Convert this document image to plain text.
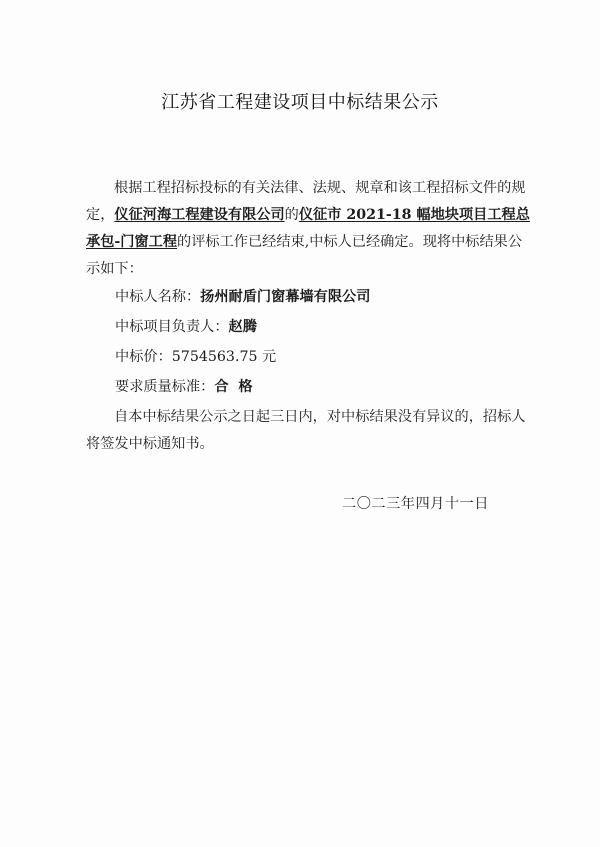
江苏省工程建设项目中标结果公示
根据工程招标投标的有关法律、法规、规章和该工程招标文件的规定，仪征河海工程建设有限公司的仪征市 2021-18 幅地块项目工程总承包-门窗工程的评标工作已经结束,中标人已经确定。现将中标结果公示如下：
中标人名称：扬州耐盾门窗幕墙有限公司
中标项目负责人：赵腾
中标价：5754563.75 元
要求质量标准：合  格
自本中标结果公示之日起三日内，对中标结果没有异议的，招标人将签发中标通知书。
二〇二三年四月十一日
